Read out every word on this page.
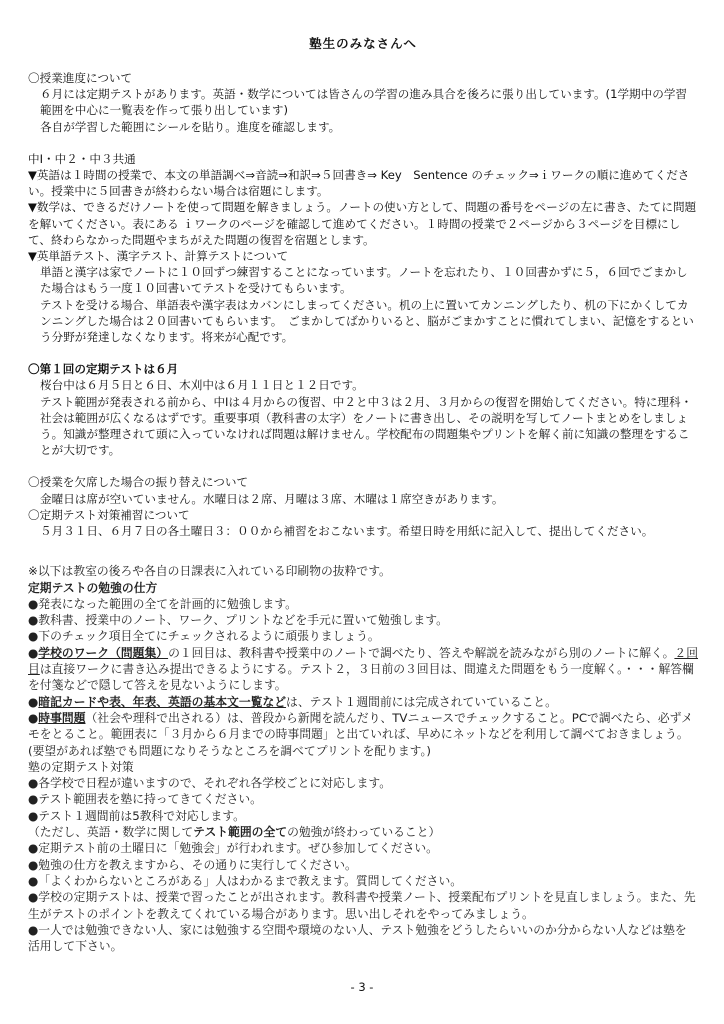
塾生のみなさんへ

〇授業進度について

６月には定期テストがあります。英語・数学については皆さんの学習の進み具合を後ろに張り出しています。(1学期中の学習範囲を中心に一覧表を作って張り出しています)

各自が学習した範囲にシールを貼り。進度を確認します。

中Ⅰ・中２・中３共通

▼英語は１時間の授業で、本文の単語調べ⇒音読⇒和訳⇒５回書き⇒ Key　Sentence のチェック⇒ｉワークの順に進めてください。授業中に５回書きが終わらない場合は宿題にします。

▼数学は、できるだけノートを使って問題を解きましょう。ノートの使い方として、問題の番号をページの左に書き、たてに問題を解いてください。表にある ｉワークのページを確認して進めてください。１時間の授業で２ページから３ページを目標にして、終わらなかった問題やまちがえた問題の復習を宿題とします。

▼英単語テスト、漢字テスト、計算テストについて

単語と漢字は家でノートに１０回ずつ練習することになっています。ノートを忘れたり、１０回書かずに５，６回でごまかした場合はもう一度１０回書いてテストを受けてもらいます。

テストを受ける場合、単語表や漢字表はカバンにしまってください。机の上に置いてカンニングしたり、机の下にかくしてカンニングした場合は２０回書いてもらいます。　ごまかしてばかりいると、脳がごまかすことに慣れてしまい、記憶をするという分野が発達しなくなります。将来が心配です。

〇第１回の定期テストは６月

桜台中は６月５日と６日、木刈中は６月１１日と１２日です。

テスト範囲が発表される前から、中Ⅰは４月からの復習、中２と中３は２月、３月からの復習を開始してください。特に理科・社会は範囲が広くなるはずです。重要事項（教科書の太字）をノートに書き出し、その説明を写してノートまとめをしましょう。知識が整理されて頭に入っていなければ問題は解けません。学校配布の問題集やプリントを解く前に知識の整理をすることが大切です。

〇授業を欠席した場合の振り替えについて

金曜日は席が空いていません。水曜日は２席、月曜は３席、木曜は１席空きがあります。

〇定期テスト対策補習について

５月３１日、６月７日の各土曜日３：００から補習をおこないます。希望日時を用紙に記入して、提出してください。

※以下は教室の後ろや各自の日課表に入れている印刷物の抜粋です。

定期テストの勉強の仕方

●発表になった範囲の全てを計画的に勉強します。

●教科書、授業中のノート、ワーク、プリントなどを手元に置いて勉強します。

●下のチェック項目全てにチェックされるように頑張りましょう。

●学校のワーク（問題集）の１回目は、教科書や授業中のノートで調べたり、答えや解説を読みながら別のノートに解く。２回目は直接ワークに書き込み提出できるようにする。テスト２，３日前の３回目は、間違えた問題をもう一度解く。・・・解答欄を付箋などで隠して答えを見ないようにします。

●暗記カードや表、年表、英語の基本文一覧などは、テスト１週間前には完成されていていること。

●時事問題（社会や理科で出される）は、普段から新聞を読んだり、TVニュースでチェックすること。PCで調べたら、必ずメモをとること。範囲表に「３月から６月までの時事問題」と出ていれば、早めにネットなどを利用して調べておきましょう。(要望があれば塾でも問題になりそうなところを調べてプリントを配ります。)

塾の定期テスト対策

●各学校で日程が違いますので、それぞれ各学校ごとに対応します。

●テスト範囲表を塾に持ってきてください。

●テスト１週間前は5教科で対応します。

（ただし、英語・数学に関してテスト範囲の全ての勉強が終わっていること）

●定期テスト前の土曜日に「勉強会」が行われます。ぜひ参加してください。

●勉強の仕方を教えますから、その通りに実行してください。

●「よくわからないところがある」人はわかるまで教えます。質問してください。

●学校の定期テストは、授業で習ったことが出されます。教科書や授業ノート、授業配布プリントを見直しましょう。また、先生がテストのポイントを教えてくれている場合があります。思い出しそれをやってみましょう。

●一人では勉強できない人、家には勉強する空間や環境のない人、テスト勉強をどうしたらいいのか分からない人などは塾を活用して下さい。

- 3 -
